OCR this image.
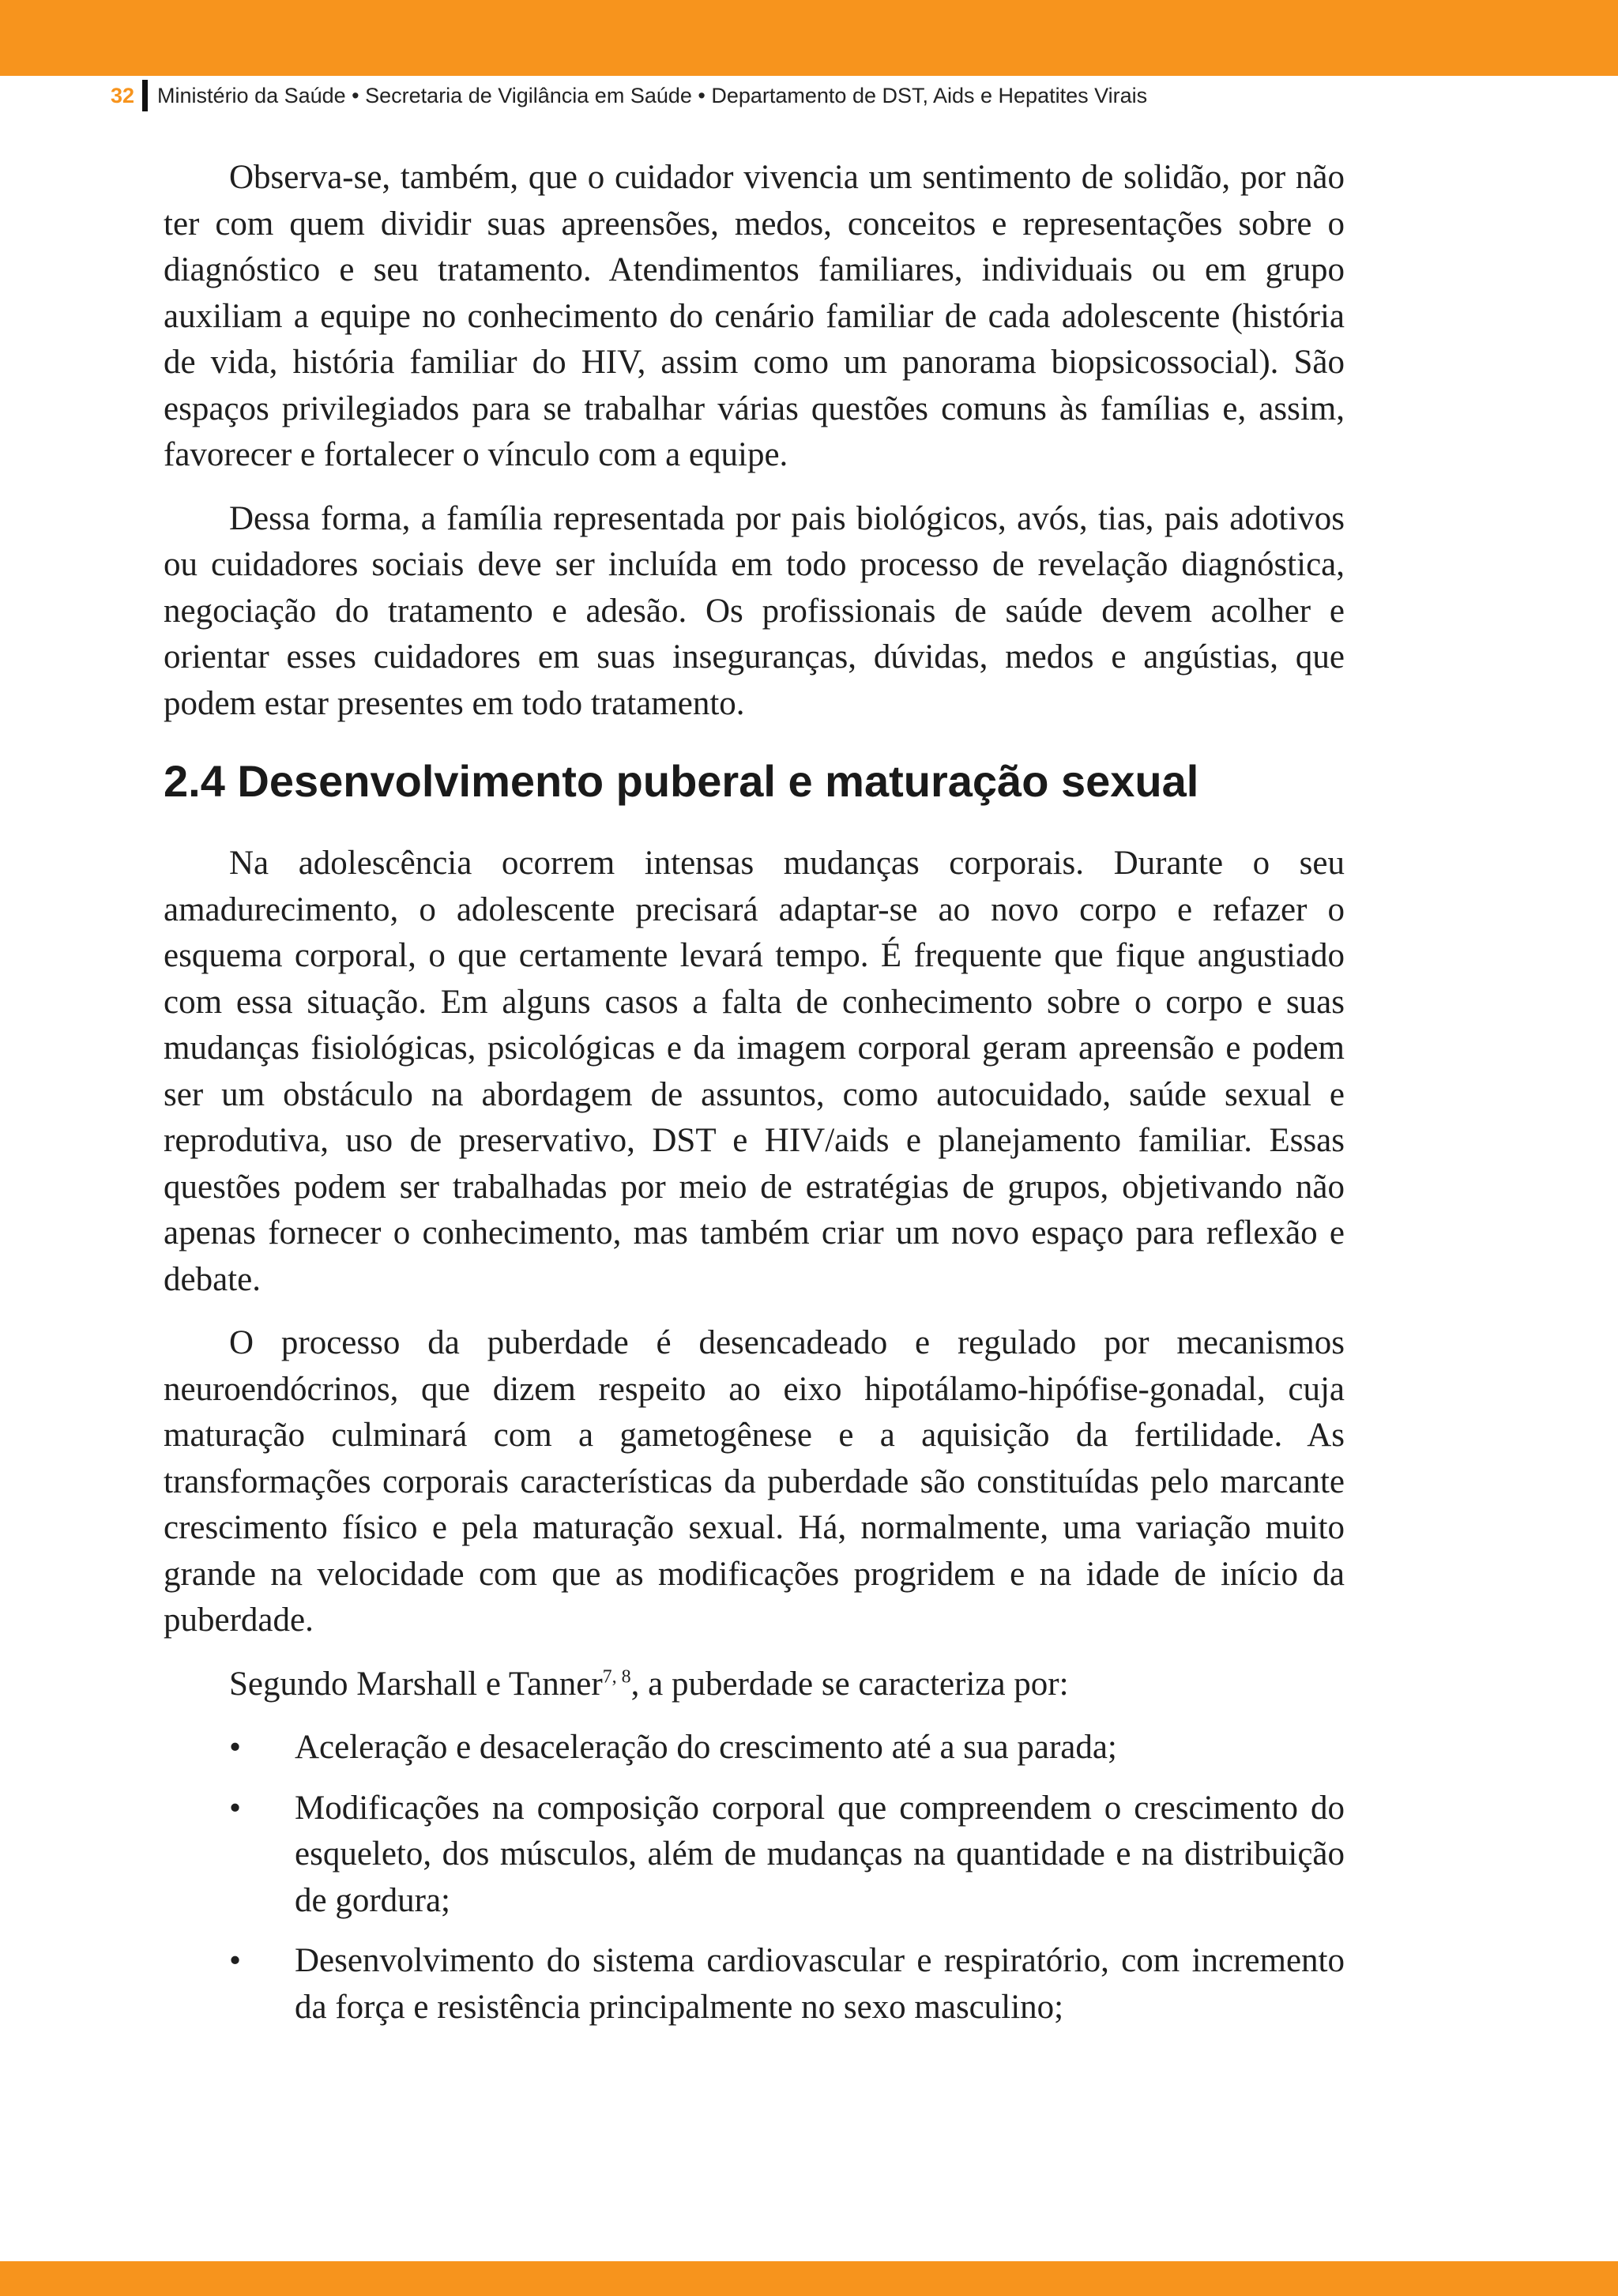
32 Ministério da Saúde • Secretaria de Vigilância em Saúde • Departamento de DST, Aids e Hepatites Virais

Observa-se, também, que o cuidador vivencia um sentimento de solidão, por não ter com quem dividir suas apreensões, medos, conceitos e representações sobre o diagnóstico e seu tratamento. Atendimentos familiares, individuais ou em grupo auxiliam a equipe no conhecimento do cenário familiar de cada adolescente (história de vida, história familiar do HIV, assim como um panorama biopsicossocial). São espaços privilegiados para se trabalhar várias questões comuns às famílias e, assim, favorecer e fortalecer o vínculo com a equipe.

Dessa forma, a família representada por pais biológicos, avós, tias, pais adotivos ou cuidadores sociais deve ser incluída em todo processo de revelação diagnóstica, negociação do tratamento e adesão. Os profissionais de saúde devem acolher e orientar esses cuidadores em suas inseguranças, dúvidas, medos e angústias, que podem estar presentes em todo tratamento.

2.4 Desenvolvimento puberal e maturação sexual

Na adolescência ocorrem intensas mudanças corporais. Durante o seu amadurecimento, o adolescente precisará adaptar-se ao novo corpo e refazer o esquema corporal, o que certamente levará tempo. É frequente que fique angustiado com essa situação. Em alguns casos a falta de conhecimento sobre o corpo e suas mudanças fisiológicas, psicológicas e da imagem corporal geram apreensão e podem ser um obstáculo na abordagem de assuntos, como autocuidado, saúde sexual e reprodutiva, uso de preservativo, DST e HIV/aids e planejamento familiar. Essas questões podem ser trabalhadas por meio de estratégias de grupos, objetivando não apenas fornecer o conhecimento, mas também criar um novo espaço para reflexão e debate.

O processo da puberdade é desencadeado e regulado por mecanismos neuroendócrinos, que dizem respeito ao eixo hipotálamo-hipófise-gonadal, cuja maturação culminará com a gametogênese e a aquisição da fertilidade. As transformações corporais características da puberdade são constituídas pelo marcante crescimento físico e pela maturação sexual. Há, normalmente, uma variação muito grande na velocidade com que as modificações progridem e na idade de início da puberdade.

Segundo Marshall e Tanner$^{7, 8}$, a puberdade se caracteriza por:

• Aceleração e desaceleração do crescimento até a sua parada;
• Modificações na composição corporal que compreendem o crescimento do esqueleto, dos músculos, além de mudanças na quantidade e na distribuição de gordura;
• Desenvolvimento do sistema cardiovascular e respiratório, com incremento da força e resistência principalmente no sexo masculino;
